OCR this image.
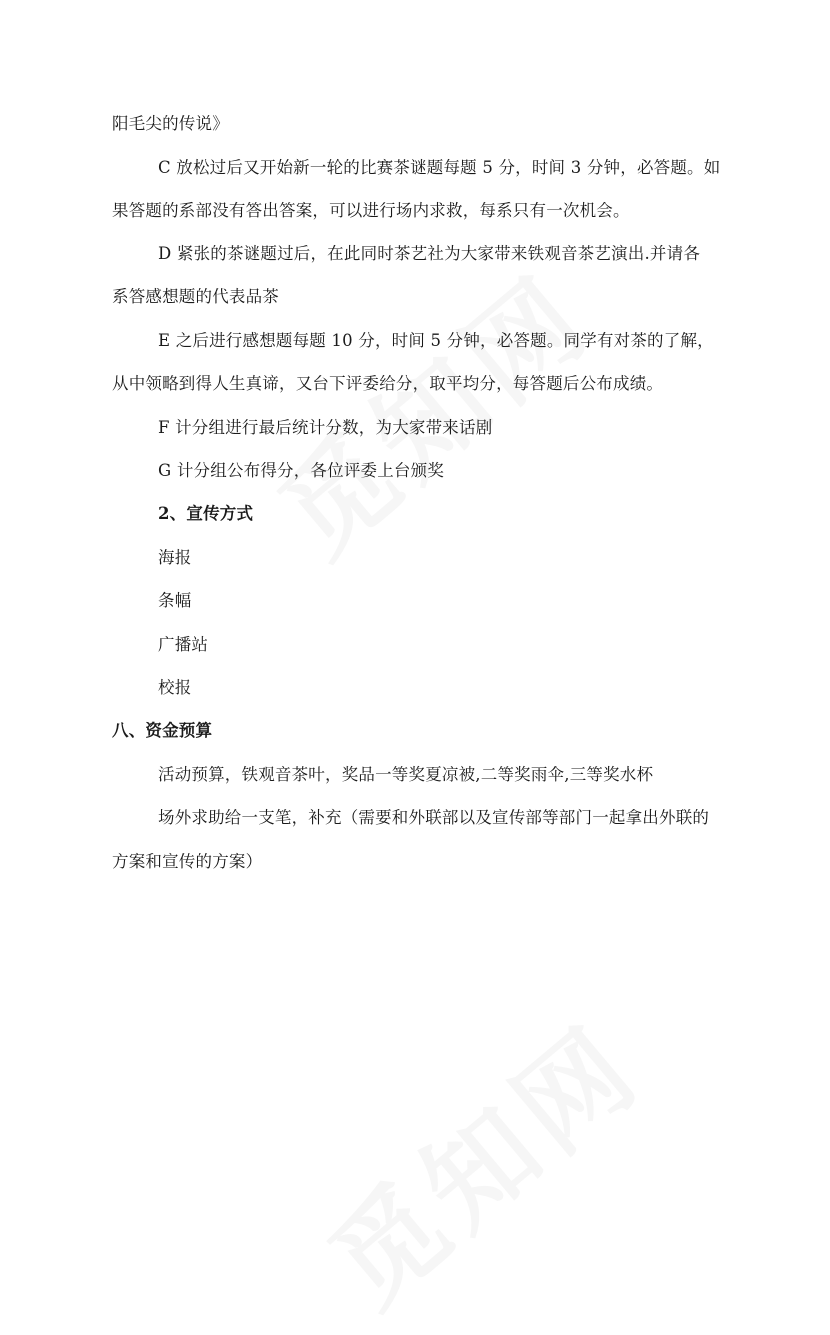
阳毛尖的传说》
C 放松过后又开始新一轮的比赛茶谜题每题 5 分，时间 3 分钟，必答题。如
果答题的系部没有答出答案，可以进行场内求救，每系只有一次机会。
D 紧张的茶谜题过后，在此同时茶艺社为大家带来铁观音茶艺演出.并请各
系答感想题的代表品茶
E 之后进行感想题每题 10 分，时间 5 分钟，必答题。同学有对茶的了解，
从中领略到得人生真谛，又台下评委给分，取平均分，每答题后公布成绩。
F 计分组进行最后统计分数，为大家带来话剧
G 计分组公布得分，各位评委上台颁奖
2、宣传方式
海报
条幅
广播站
校报
八、资金预算
活动预算，铁观音茶叶，奖品一等奖夏凉被,二等奖雨伞,三等奖水杯
场外求助给一支笔，补充（需要和外联部以及宣传部等部门一起拿出外联的
方案和宣传的方案）
